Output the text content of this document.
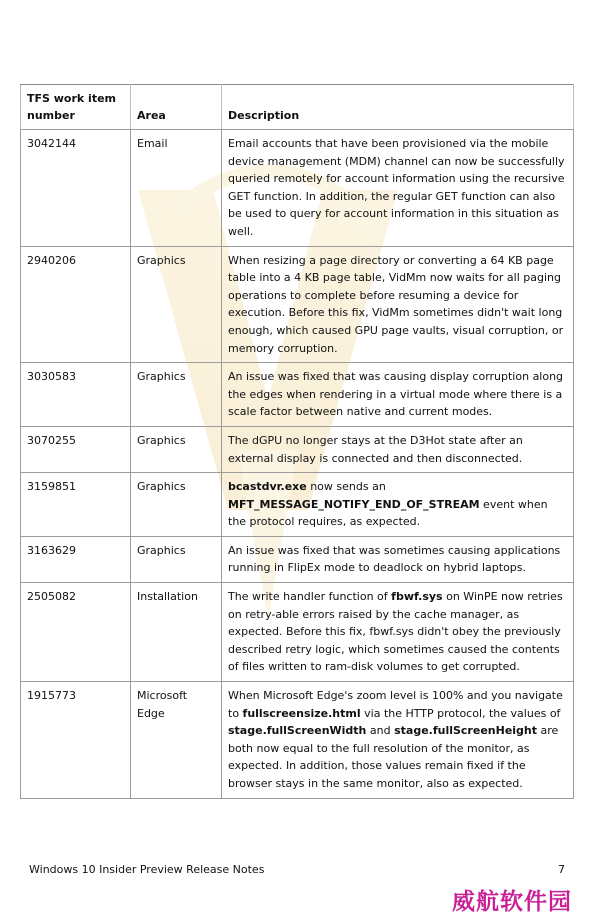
TFS work item number	Area	Description
3042144	Email	Email accounts that have been provisioned via the mobile device management (MDM) channel can now be successfully queried remotely for account information using the recursive GET function. In addition, the regular GET function can also be used to query for account information in this situation as well.
2940206	Graphics	When resizing a page directory or converting a 64 KB page table into a 4 KB page table, VidMm now waits for all paging operations to complete before resuming a device for execution. Before this fix, VidMm sometimes didn't wait long enough, which caused GPU page vaults, visual corruption, or memory corruption.
3030583	Graphics	An issue was fixed that was causing display corruption along the edges when rendering in a virtual mode where there is a scale factor between native and current modes.
3070255	Graphics	The dGPU no longer stays at the D3Hot state after an external display is connected and then disconnected.
3159851	Graphics	bcastdvr.exe now sends an MFT_MESSAGE_NOTIFY_END_OF_STREAM event when the protocol requires, as expected.
3163629	Graphics	An issue was fixed that was sometimes causing applications running in FlipEx mode to deadlock on hybrid laptops.
2505082	Installation	The write handler function of fbwf.sys on WinPE now retries on retry-able errors raised by the cache manager, as expected. Before this fix, fbwf.sys didn't obey the previously described retry logic, which sometimes caused the contents of files written to ram-disk volumes to get corrupted.
1915773	Microsoft Edge	When Microsoft Edge's zoom level is 100% and you navigate to fullscreensize.html via the HTTP protocol, the values of stage.fullScreenWidth and stage.fullScreenHeight are both now equal to the full resolution of the monitor, as expected. In addition, those values remain fixed if the browser stays in the same monitor, also as expected.
Windows 10 Insider Preview Release Notes	7
威航软件园
